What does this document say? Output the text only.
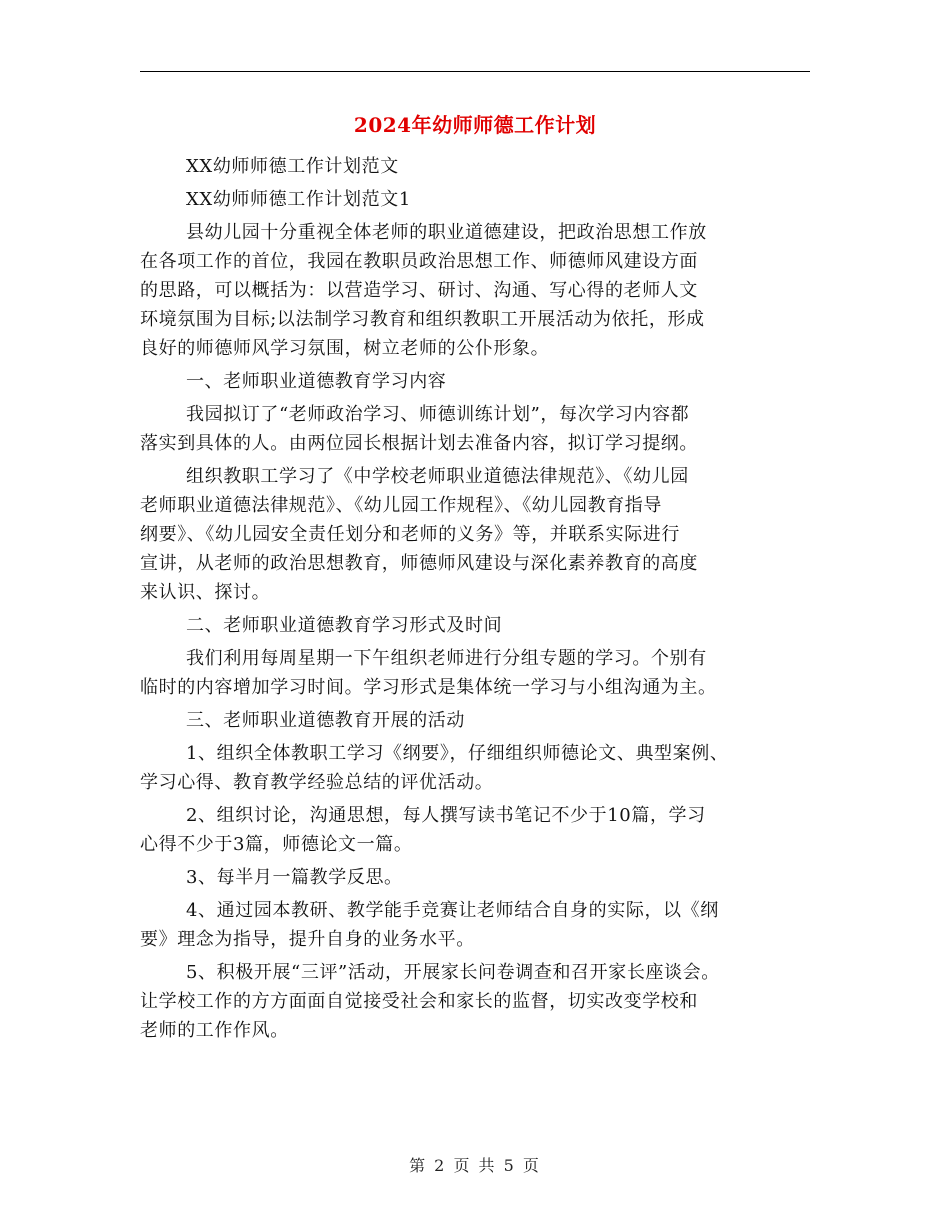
2024年幼师师德工作计划
XX幼师师德工作计划范文
XX幼师师德工作计划范文1
县幼儿园十分重视全体老师的职业道德建设，把政治思想工作放
在各项工作的首位，我园在教职员政治思想工作、师德师风建设方面
的思路，可以概括为：以营造学习、研讨、沟通、写心得的老师人文
环境氛围为目标;以法制学习教育和组织教职工开展活动为依托，形成
良好的师德师风学习氛围，树立老师的公仆形象。
一、老师职业道德教育学习内容
我园拟订了“老师政治学习、师德训练计划”，每次学习内容都
落实到具体的人。由两位园长根据计划去准备内容，拟订学习提纲。
组织教职工学习了《中学校老师职业道德法律规范》、《幼儿园
老师职业道德法律规范》、《幼儿园工作规程》、《幼儿园教育指导
纲要》、《幼儿园安全责任划分和老师的义务》等，并联系实际进行
宣讲，从老师的政治思想教育，师德师风建设与深化素养教育的高度
来认识、探讨。
二、老师职业道德教育学习形式及时间
我们利用每周星期一下午组织老师进行分组专题的学习。个别有
临时的内容增加学习时间。学习形式是集体统一学习与小组沟通为主。
三、老师职业道德教育开展的活动
1、组织全体教职工学习《纲要》，仔细组织师德论文、典型案例、
学习心得、教育教学经验总结的评优活动。
2、组织讨论，沟通思想，每人撰写读书笔记不少于10篇，学习
心得不少于3篇，师德论文一篇。
3、每半月一篇教学反思。
4、通过园本教研、教学能手竞赛让老师结合自身的实际，以《纲
要》理念为指导，提升自身的业务水平。
5、积极开展“三评”活动，开展家长问卷调查和召开家长座谈会。
让学校工作的方方面面自觉接受社会和家长的监督，切实改变学校和
老师的工作作风。
第 2 页 共 5 页
